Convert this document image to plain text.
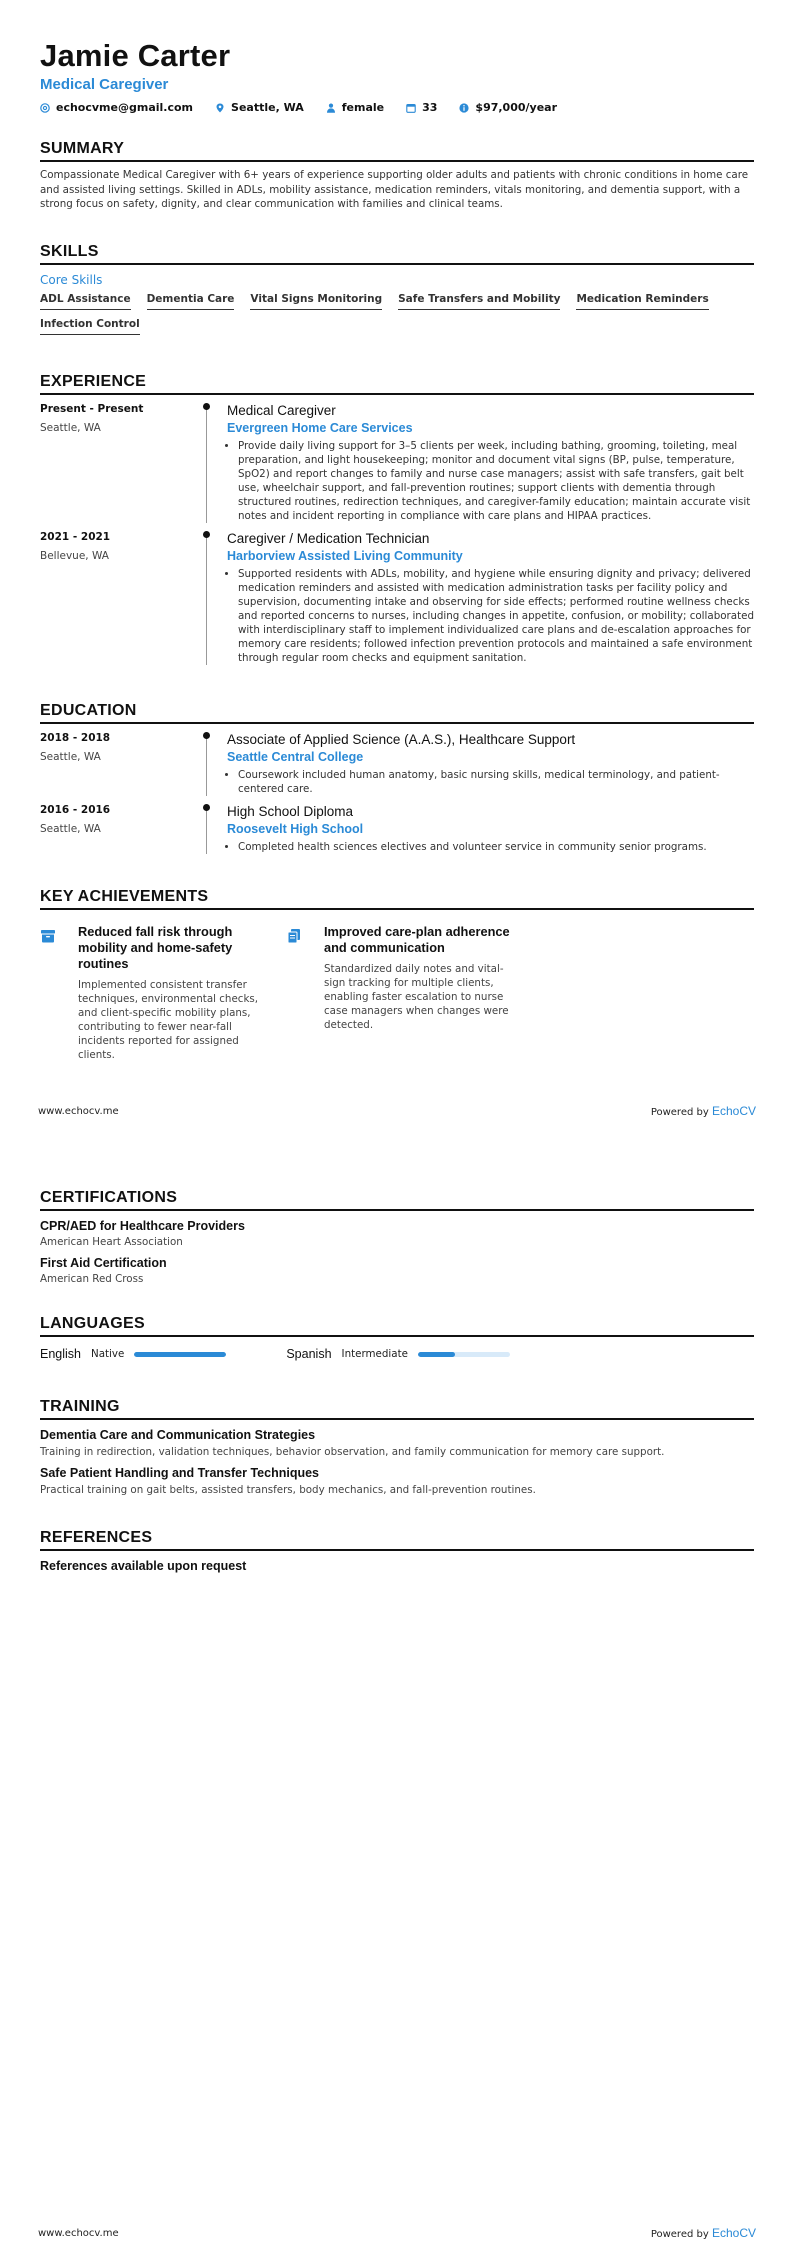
Jamie Carter
Medical Caregiver
echocvme@gmail.com	Seattle, WA	female	33	$97,000/year
SUMMARY
Compassionate Medical Caregiver with 6+ years of experience supporting older adults and patients with chronic conditions in home care and assisted living settings. Skilled in ADLs, mobility assistance, medication reminders, vitals monitoring, and dementia support, with a strong focus on safety, dignity, and clear communication with families and clinical teams.
SKILLS
Core Skills
ADL Assistance Dementia Care Vital Signs Monitoring Safe Transfers and Mobility Medication Reminders
Infection Control
EXPERIENCE
Present - Present
Seattle, WA
Medical Caregiver
Evergreen Home Care Services
• Provide daily living support for 3–5 clients per week, including bathing, grooming, toileting, meal preparation, and light housekeeping; monitor and document vital signs (BP, pulse, temperature, SpO2) and report changes to family and nurse case managers; assist with safe transfers, gait belt use, wheelchair support, and fall-prevention routines; support clients with dementia through structured routines, redirection techniques, and caregiver-family education; maintain accurate visit notes and incident reporting in compliance with care plans and HIPAA practices.
2021 - 2021
Bellevue, WA
Caregiver / Medication Technician
Harborview Assisted Living Community
• Supported residents with ADLs, mobility, and hygiene while ensuring dignity and privacy; delivered medication reminders and assisted with medication administration tasks per facility policy and supervision, documenting intake and observing for side effects; performed routine wellness checks and reported concerns to nurses, including changes in appetite, confusion, or mobility; collaborated with interdisciplinary staff to implement individualized care plans and de-escalation approaches for memory care residents; followed infection prevention protocols and maintained a safe environment through regular room checks and equipment sanitation.
EDUCATION
2018 - 2018
Seattle, WA
Associate of Applied Science (A.A.S.), Healthcare Support
Seattle Central College
• Coursework included human anatomy, basic nursing skills, medical terminology, and patient-centered care.
2016 - 2016
Seattle, WA
High School Diploma
Roosevelt High School
• Completed health sciences electives and volunteer service in community senior programs.
KEY ACHIEVEMENTS
Reduced fall risk through mobility and home-safety routines
Implemented consistent transfer techniques, environmental checks, and client-specific mobility plans, contributing to fewer near-fall incidents reported for assigned clients.
Improved care-plan adherence and communication
Standardized daily notes and vital-sign tracking for multiple clients, enabling faster escalation to nurse case managers when changes were detected.
www.echocv.me	Powered by EchoCV
CERTIFICATIONS
CPR/AED for Healthcare Providers
American Heart Association
First Aid Certification
American Red Cross
LANGUAGES
English Native	Spanish Intermediate
TRAINING
Dementia Care and Communication Strategies
Training in redirection, validation techniques, behavior observation, and family communication for memory care support.
Safe Patient Handling and Transfer Techniques
Practical training on gait belts, assisted transfers, body mechanics, and fall-prevention routines.
REFERENCES
References available upon request
www.echocv.me	Powered by EchoCV
